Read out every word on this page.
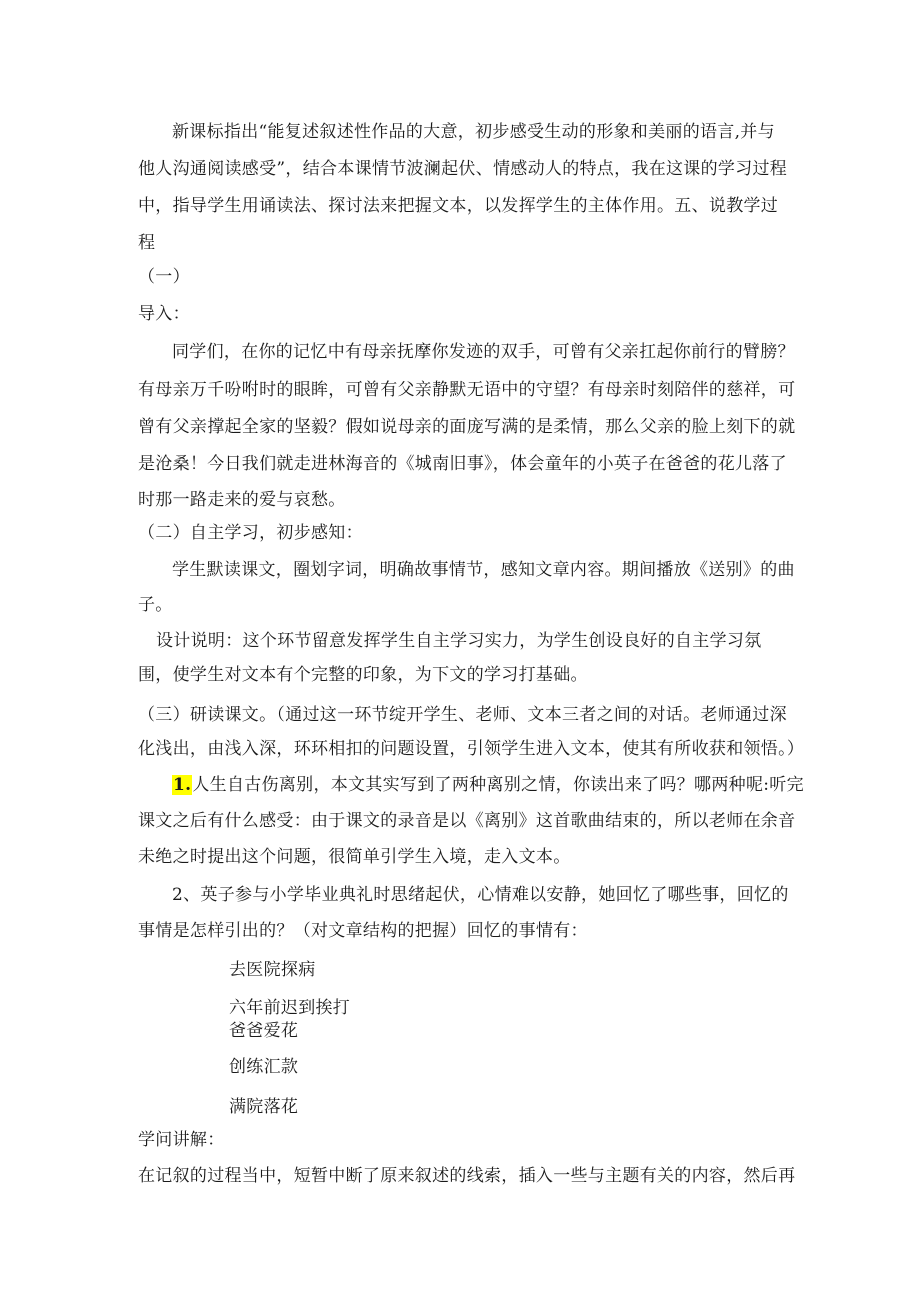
新课标指出“能复述叙述性作品的大意，初步感受生动的形象和美丽的语言,并与
他人沟通阅读感受”，结合本课情节波澜起伏、情感动人的特点，我在这课的学习过程
中，指导学生用诵读法、探讨法来把握文本，以发挥学生的主体作用。五、说教学过
程
（一）
导入：
同学们，在你的记忆中有母亲抚摩你发迹的双手，可曾有父亲扛起你前行的臂膀？
有母亲万千吩咐时的眼眸，可曾有父亲静默无语中的守望？有母亲时刻陪伴的慈祥，可
曾有父亲撑起全家的坚毅？假如说母亲的面庞写满的是柔情，那么父亲的脸上刻下的就
是沧桑！今日我们就走进林海音的《城南旧事》，体会童年的小英子在爸爸的花儿落了
时那一路走来的爱与哀愁。
（二）自主学习，初步感知：
学生默读课文，圈划字词，明确故事情节，感知文章内容。期间播放《送别》的曲
子。
设计说明：这个环节留意发挥学生自主学习实力，为学生创设良好的自主学习氛
围，使学生对文本有个完整的印象，为下文的学习打基础。
（三）研读课文。（通过这一环节绽开学生、老师、文本三者之间的对话。老师通过深
化浅出，由浅入深，环环相扣的问题设置，引领学生进入文本，使其有所收获和领悟。）
1.人生自古伤离别，本文其实写到了两种离别之情，你读出来了吗？哪两种呢:听完
课文之后有什么感受：由于课文的录音是以《离别》这首歌曲结束的，所以老师在余音
未绝之时提出这个问题，很简单引学生入境，走入文本。
2、英子参与小学毕业典礼时思绪起伏，心情难以安静，她回忆了哪些事，回忆的
事情是怎样引出的？（对文章结构的把握）回忆的事情有：
去医院探病
六年前迟到挨打
爸爸爱花
创练汇款
满院落花
学问讲解：
在记叙的过程当中，短暂中断了原来叙述的线索，插入一些与主题有关的内容，然后再
